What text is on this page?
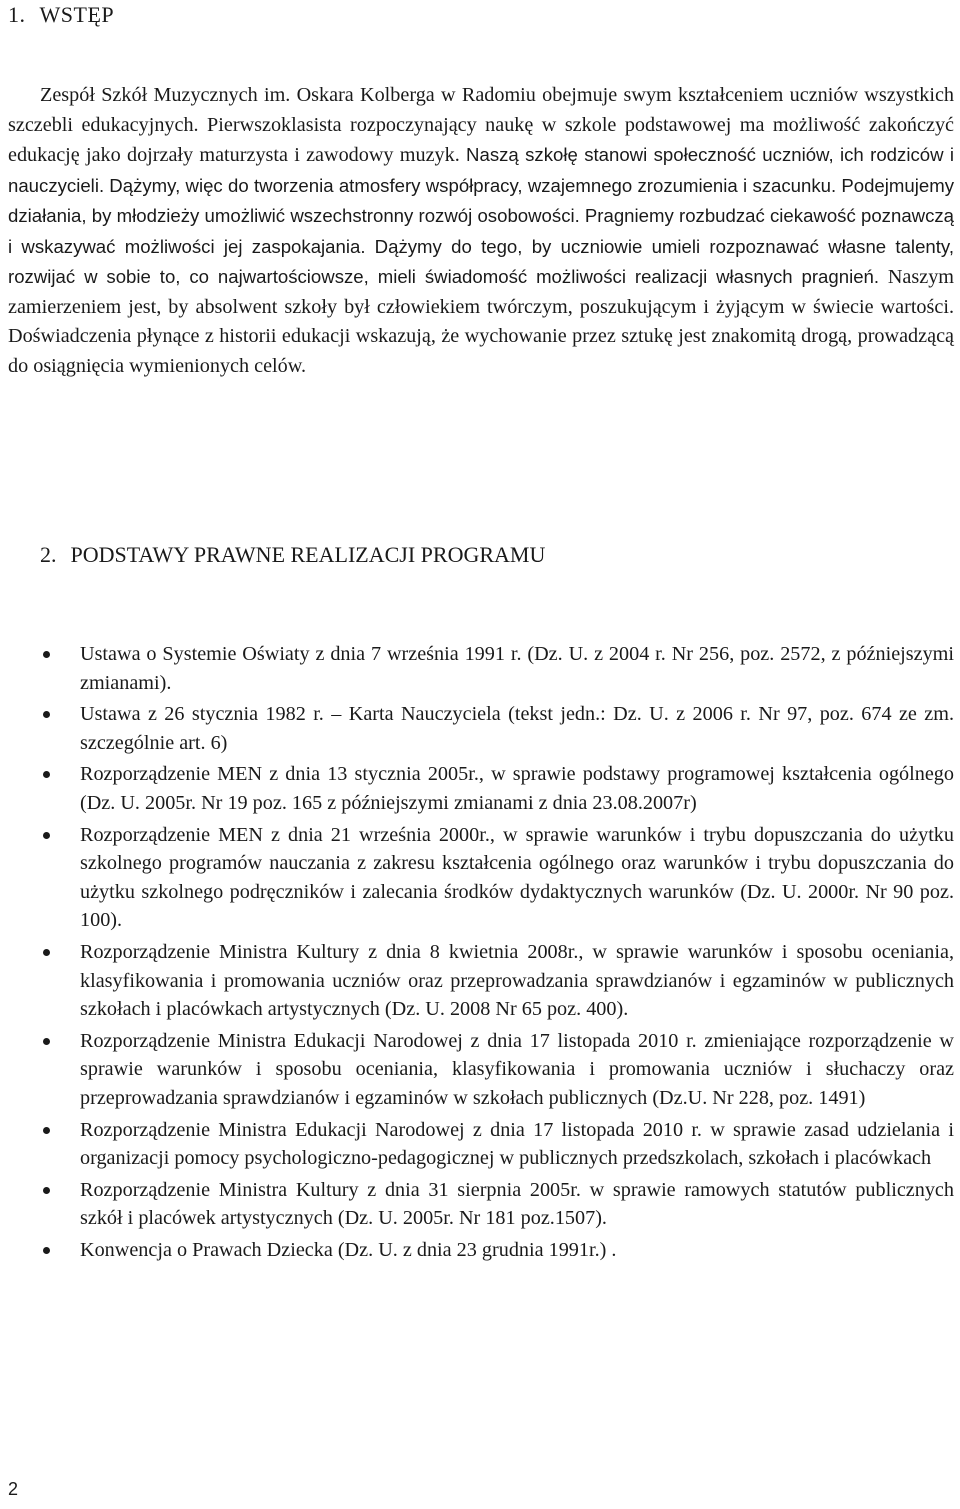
1. WSTĘP

Zespół Szkół Muzycznych im. Oskara Kolberga w Radomiu obejmuje swym kształceniem uczniów wszystkich szczebli edukacyjnych. Pierwszoklasista rozpoczynający naukę w szkole podstawowej ma możliwość zakończyć edukację jako dojrzały maturzysta i zawodowy muzyk. Naszą szkołę stanowi społeczność uczniów, ich rodziców i nauczycieli. Dążymy, więc do tworzenia atmosfery współpracy, wzajemnego zrozumienia i szacunku. Podejmujemy działania, by młodzieży umożliwić wszechstronny rozwój osobowości. Pragniemy rozbudzać ciekawość poznawczą i wskazywać możliwości jej zaspokajania. Dążymy do tego, by uczniowie umieli rozpoznawać własne talenty, rozwijać w sobie to, co najwartościowsze, mieli świadomość możliwości realizacji własnych pragnień. Naszym zamierzeniem jest, by absolwent szkoły był człowiekiem twórczym, poszukującym i żyjącym w świecie wartości. Doświadczenia płynące z historii edukacji wskazują, że wychowanie przez sztukę jest znakomitą drogą, prowadzącą do osiągnięcia wymienionych celów.

2. PODSTAWY PRAWNE REALIZACJI PROGRAMU
Ustawa o Systemie Oświaty z dnia 7 września 1991 r. (Dz. U. z 2004 r. Nr 256, poz. 2572, z późniejszymi zmianami).
Ustawa z 26 stycznia 1982 r. – Karta Nauczyciela (tekst jedn.: Dz. U. z 2006 r. Nr 97, poz. 674 ze zm. szczególnie art. 6)
Rozporządzenie MEN z dnia 13 stycznia 2005r., w sprawie podstawy programowej kształcenia ogólnego (Dz. U. 2005r. Nr 19 poz. 165 z późniejszymi zmianami z dnia 23.08.2007r)
Rozporządzenie MEN z dnia 21 września 2000r., w sprawie warunków i trybu dopuszczania do użytku szkolnego programów nauczania z zakresu kształcenia ogólnego oraz warunków i trybu dopuszczania do użytku szkolnego podręczników i zalecania środków dydaktycznych warunków (Dz. U. 2000r. Nr 90 poz. 100).
Rozporządzenie Ministra Kultury z dnia 8 kwietnia 2008r., w sprawie warunków i sposobu oceniania, klasyfikowania i promowania uczniów oraz przeprowadzania sprawdzianów i egzaminów w publicznych szkołach i placówkach artystycznych (Dz. U. 2008 Nr 65 poz. 400).
Rozporządzenie Ministra Edukacji Narodowej z dnia 17 listopada 2010 r. zmieniające rozporządzenie w sprawie warunków i sposobu oceniania, klasyfikowania i promowania uczniów i słuchaczy oraz przeprowadzania sprawdzianów i egzaminów w szkołach publicznych (Dz.U. Nr 228, poz. 1491)
Rozporządzenie Ministra Edukacji Narodowej z dnia 17 listopada 2010 r. w sprawie zasad udzielania i organizacji pomocy psychologiczno-pedagogicznej w publicznych przedszkolach, szkołach i placówkach
Rozporządzenie Ministra Kultury z dnia 31 sierpnia 2005r. w sprawie ramowych statutów publicznych szkół i placówek artystycznych (Dz. U. 2005r. Nr 181 poz.1507).
Konwencja o Prawach Dziecka (Dz. U. z dnia 23 grudnia 1991r.) .
2
